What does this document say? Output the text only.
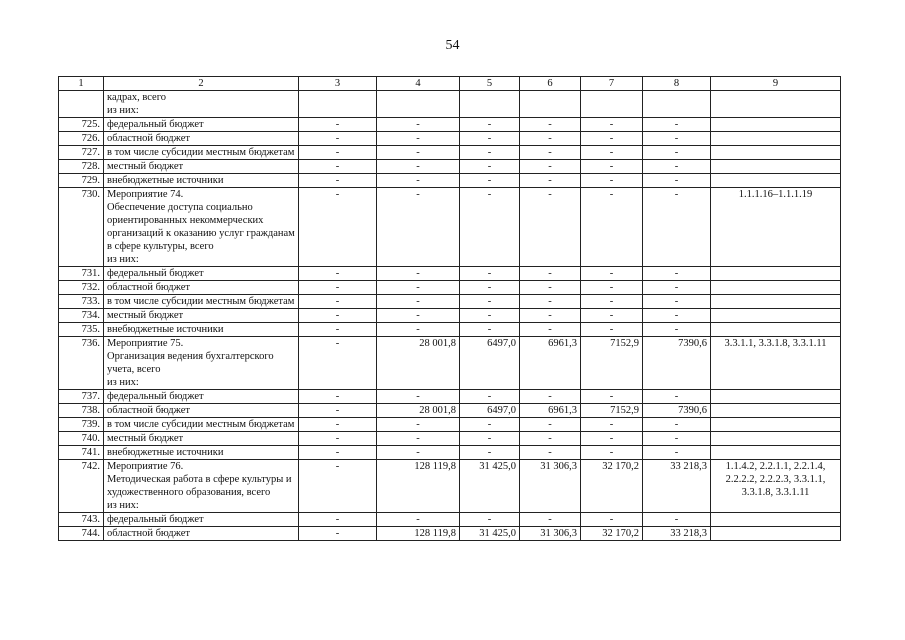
54
1	2	3	4	5	6	7	8	9
	кадрах, всего
из них:							
725.	федеральный бюджет	-	-	-	-	-	-	
726.	областной бюджет	-	-	-	-	-	-	
727.	в том числе субсидии местным бюджетам	-	-	-	-	-	-	
728.	местный бюджет	-	-	-	-	-	-	
729.	внебюджетные источники	-	-	-	-	-	-	
730.	Мероприятие 74.
Обеспечение доступа социально ориентированных некоммерческих организаций к оказанию услуг гражданам в сфере культуры, всего
из них:	-	-	-	-	-	-	1.1.1.16–1.1.1.19
731.	федеральный бюджет	-	-	-	-	-	-	
732.	областной бюджет	-	-	-	-	-	-	
733.	в том числе субсидии местным бюджетам	-	-	-	-	-	-	
734.	местный бюджет	-	-	-	-	-	-	
735.	внебюджетные источники	-	-	-	-	-	-	
736.	Мероприятие 75.
Организация ведения бухгалтерского учета, всего
из них:	-	28 001,8	6497,0	6961,3	7152,9	7390,6	3.3.1.1, 3.3.1.8, 3.3.1.11
737.	федеральный бюджет	-	-	-	-	-	-	
738.	областной бюджет	-	28 001,8	6497,0	6961,3	7152,9	7390,6	
739.	в том числе субсидии местным бюджетам	-	-	-	-	-	-	
740.	местный бюджет	-	-	-	-	-	-	
741.	внебюджетные источники	-	-	-	-	-	-	
742.	Мероприятие 76.
Методическая работа в сфере культуры и художественного образования, всего
из них:	-	128 119,8	31 425,0	31 306,3	32 170,2	33 218,3	1.1.4.2, 2.2.1.1, 2.2.1.4, 2.2.2.2, 2.2.2.3, 3.3.1.1, 3.3.1.8, 3.3.1.11
743.	федеральный бюджет	-	-	-	-	-	-	
744.	областной бюджет	-	128 119,8	31 425,0	31 306,3	32 170,2	33 218,3	
